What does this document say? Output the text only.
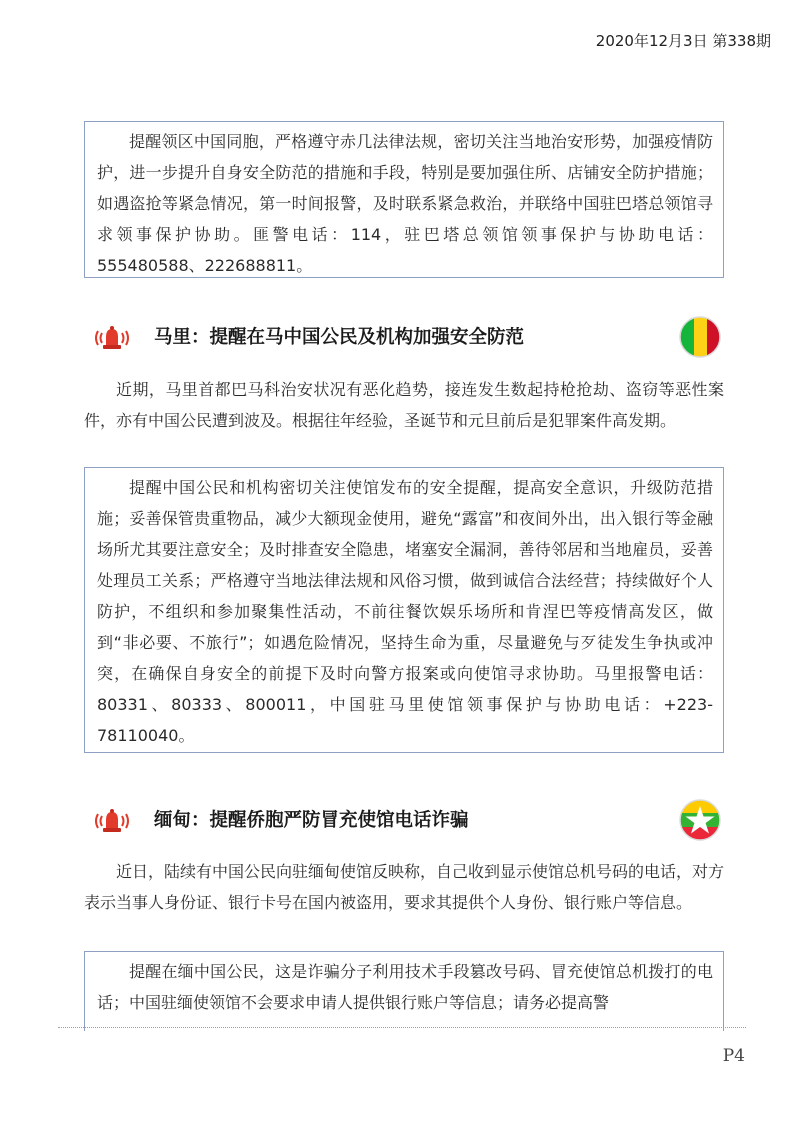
2020年12月3日 第338期

提醒领区中国同胞，严格遵守赤几法律法规，密切关注当地治安形势，加强疫情防护，进一步提升自身安全防范的措施和手段，特别是要加强住所、店铺安全防护措施；如遇盗抢等紧急情况，第一时间报警，及时联系紧急救治，并联络中国驻巴塔总领馆寻求领事保护协助。匪警电话：114，驻巴塔总领馆领事保护与协助电话：555480588、222688811。

马里：提醒在马中国公民及机构加强安全防范

近期，马里首都巴马科治安状况有恶化趋势，接连发生数起持枪抢劫、盗窃等恶性案件，亦有中国公民遭到波及。根据往年经验，圣诞节和元旦前后是犯罪案件高发期。

提醒中国公民和机构密切关注使馆发布的安全提醒，提高安全意识，升级防范措施；妥善保管贵重物品，减少大额现金使用，避免“露富”和夜间外出，出入银行等金融场所尤其要注意安全；及时排查安全隐患，堵塞安全漏洞，善待邻居和当地雇员，妥善处理员工关系；严格遵守当地法律法规和风俗习惯，做到诚信合法经营；持续做好个人防护，不组织和参加聚集性活动，不前往餐饮娱乐场所和肯涅巴等疫情高发区，做到“非必要、不旅行”；如遇危险情况，坚持生命为重，尽量避免与歹徒发生争执或冲突，在确保自身安全的前提下及时向警方报案或向使馆寻求协助。马里报警电话：80331、80333、800011，中国驻马里使馆领事保护与协助电话：+223-78110040。

缅甸：提醒侨胞严防冒充使馆电话诈骗

近日，陆续有中国公民向驻缅甸使馆反映称，自己收到显示使馆总机号码的电话，对方表示当事人身份证、银行卡号在国内被盗用，要求其提供个人身份、银行账户等信息。

提醒在缅中国公民，这是诈骗分子利用技术手段篡改号码、冒充使馆总机拨打的电话；中国驻缅使领馆不会要求申请人提供银行账户等信息；请务必提高警

P4
